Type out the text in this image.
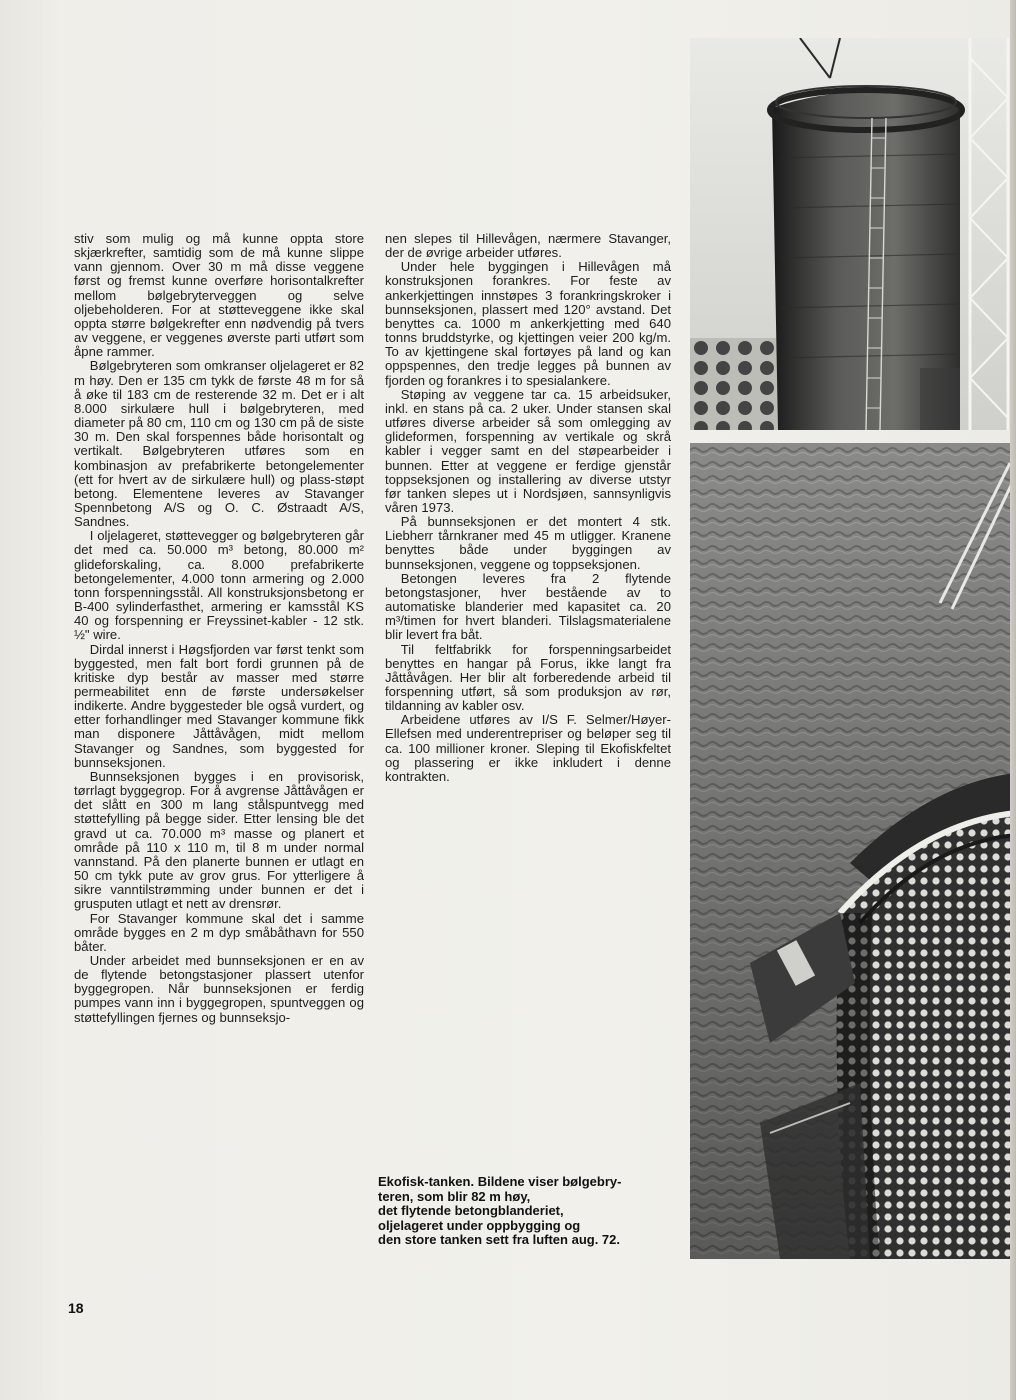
stiv som mulig og må kunne oppta store skjærkrefter, samtidig som de må kunne slippe vann gjennom. Over 30 m må disse veggene først og fremst kunne overføre horisontalkrefter mellom bølgebryterveggen og selve oljebeholderen. For at støtteveggene ikke skal oppta større bølgekrefter enn nødvendig på tvers av veggene, er veggenes øverste parti utført som åpne rammer.

Bølgebryteren som omkranser oljelageret er 82 m høy. Den er 135 cm tykk de første 48 m for så å øke til 183 cm de resterende 32 m. Det er i alt 8.000 sirkulære hull i bølgebryteren, med diameter på 80 cm, 110 cm og 130 cm på de siste 30 m. Den skal forspennes både horisontalt og vertikalt. Bølgebryteren utføres som en kombinasjon av prefabrikerte betongelementer (ett for hvert av de sirkulære hull) og plass-støpt betong. Elementene leveres av Stavanger Spennbetong A/S og O. C. Østraadt A/S, Sandnes.

I oljelageret, støttevegger og bølgebryteren går det med ca. 50.000 m³ betong, 80.000 m² glideforskaling, ca. 8.000 prefabrikerte betongelementer, 4.000 tonn armering og 2.000 tonn forspenningsstål. All konstruksjonsbetong er B-400 sylinderfasthet, armering er kamsstål KS 40 og forspenning er Freyssinet-kabler - 12 stk. ½" wire.

Dirdal innerst i Høgsfjorden var først tenkt som byggested, men falt bort fordi grunnen på de kritiske dyp består av masser med større permeabilitet enn de første undersøkelser indikerte. Andre byggesteder ble også vurdert, og etter forhandlinger med Stavanger kommune fikk man disponere Jåttåvågen, midt mellom Stavanger og Sandnes, som byggested for bunnseksjonen.

Bunnseksjonen bygges i en provisorisk, tørrlagt byggegrop. For å avgrense Jåttåvågen er det slått en 300 m lang stålspuntvegg med støttefylling på begge sider. Etter lensing ble det gravd ut ca. 70.000 m³ masse og planert et område på 110 x 110 m, til 8 m under normal vannstand. På den planerte bunnen er utlagt en 50 cm tykk pute av grov grus. For ytterligere å sikre vanntilstrømming under bunnen er det i grusputen utlagt et nett av drensrør.

For Stavanger kommune skal det i samme område bygges en 2 m dyp småbåthavn for 550 båter.

Under arbeidet med bunnseksjonen er en av de flytende betongstasjoner plassert utenfor byggegropen. Når bunnseksjonen er ferdig pumpes vann inn i byggegropen, spuntveggen og støttefyllingen fjernes og bunnseksjo-

nen slepes til Hillevågen, nærmere Stavanger, der de øvrige arbeider utføres.

Under hele byggingen i Hillevågen må konstruksjonen forankres. For feste av ankerkjettingen innstøpes 3 forankringskroker i bunnseksjonen, plassert med 120° avstand. Det benyttes ca. 1000 m ankerkjetting med 640 tonns bruddstyrke, og kjettingen veier 200 kg/m. To av kjettingene skal fortøyes på land og kan oppspennes, den tredje legges på bunnen av fjorden og forankres i to spesialankere.

Støping av veggene tar ca. 15 arbeidsuker, inkl. en stans på ca. 2 uker. Under stansen skal utføres diverse arbeider så som omlegging av glideformen, forspenning av vertikale og skrå kabler i vegger samt en del støpearbeider i bunnen. Etter at veggene er ferdige gjenstår toppseksjonen og installering av diverse utstyr før tanken slepes ut i Nordsjøen, sannsynligvis våren 1973.

På bunnseksjonen er det montert 4 stk. Liebherr tårnkraner med 45 m utligger. Kranene benyttes både under byggingen av bunnseksjonen, veggene og toppseksjonen.

Betongen leveres fra 2 flytende betongstasjoner, hver bestående av to automatiske blanderier med kapasitet ca. 20 m³/timen for hvert blanderi. Tilslagsmaterialene blir levert fra båt.

Til feltfabrikk for forspenningsarbeidet benyttes en hangar på Forus, ikke langt fra Jåttåvågen. Her blir alt forberedende arbeid til forspenning utført, så som produksjon av rør, tildanning av kabler osv.

Arbeidene utføres av I/S F. Selmer/Høyer-Ellefsen med underentrepriser og beløper seg til ca. 100 millioner kroner. Sleping til Ekofiskfeltet og plassering er ikke inkludert i denne kontrakten.

Ekofisk-tanken. Bildene viser bølgebry-
teren, som blir 82 m høy,
det flytende betongblanderiet,
oljelageret under oppbygging og
den store tanken sett fra luften aug. 72.
18
